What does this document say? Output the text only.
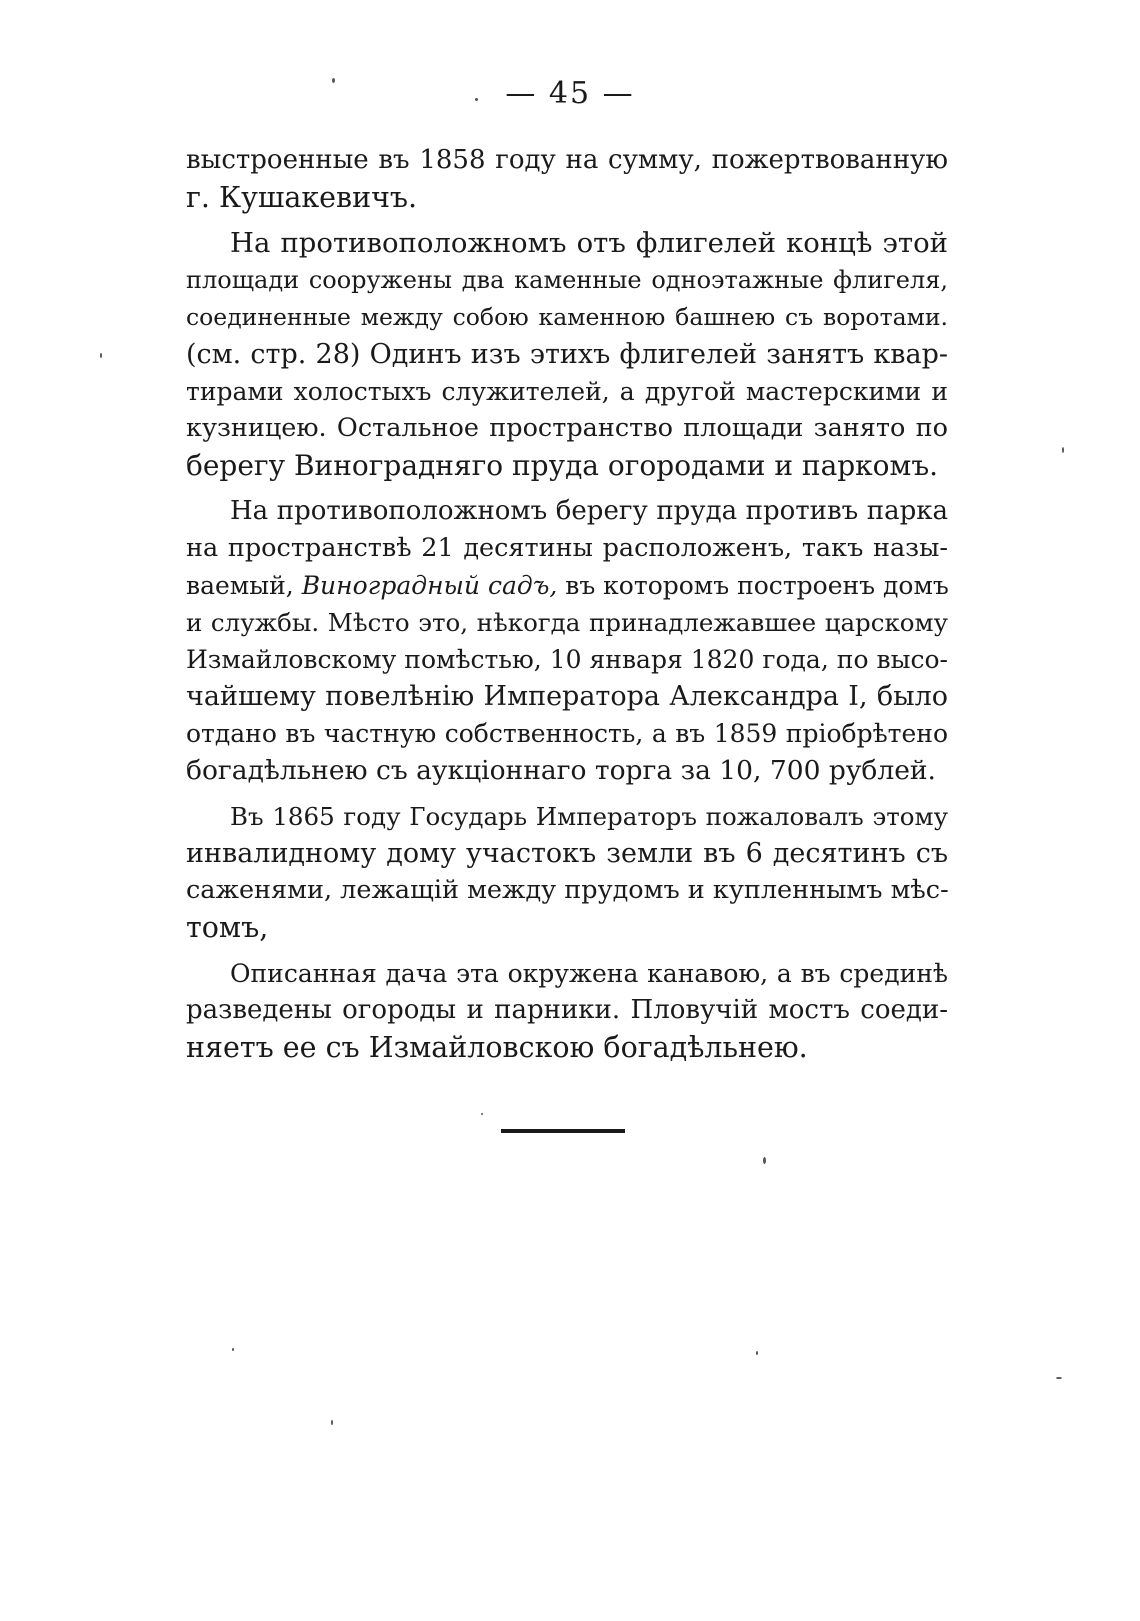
— 45 —
выстроенные въ 1858 году на сумму, пожертвованную
г. Кушакевичъ.
На противоположномъ отъ флигелей концѣ этой
площади сооружены два каменные одноэтажные флигеля,
соединенные между собою каменною башнею съ воротами.
(см. стр. 28) Одинъ изъ этихъ флигелей занятъ квар-
тирами холостыхъ служителей, а другой мастерскими и
кузницею. Остальное пространство площади занято по
берегу Виноградняго пруда огородами и паркомъ.
На противоположномъ берегу пруда противъ парка
на пространствѣ 21 десятины расположенъ, такъ назы-
ваемый, Виноградный садъ, въ которомъ построенъ домъ
и службы. Мѣсто это, нѣкогда принадлежавшее царскому
Измайловскому помѣстью, 10 января 1820 года, по высо-
чайшему повелѣнію Императора Александра I, было
отдано въ частную собственность, а въ 1859 пріобрѣтено
богадѣльнею съ аукціоннаго торга за 10, 700 рублей.
Въ 1865 году Государь Императоръ пожаловалъ этому
инвалидному дому участокъ земли въ 6 десятинъ съ
саженями, лежащій между прудомъ и купленнымъ мѣс-
томъ,
Описанная дача эта окружена канавою, а въ срединѣ
разведены огороды и парники. Пловучій мостъ соеди-
няетъ ее съ Измайловскою богадѣльнею.
